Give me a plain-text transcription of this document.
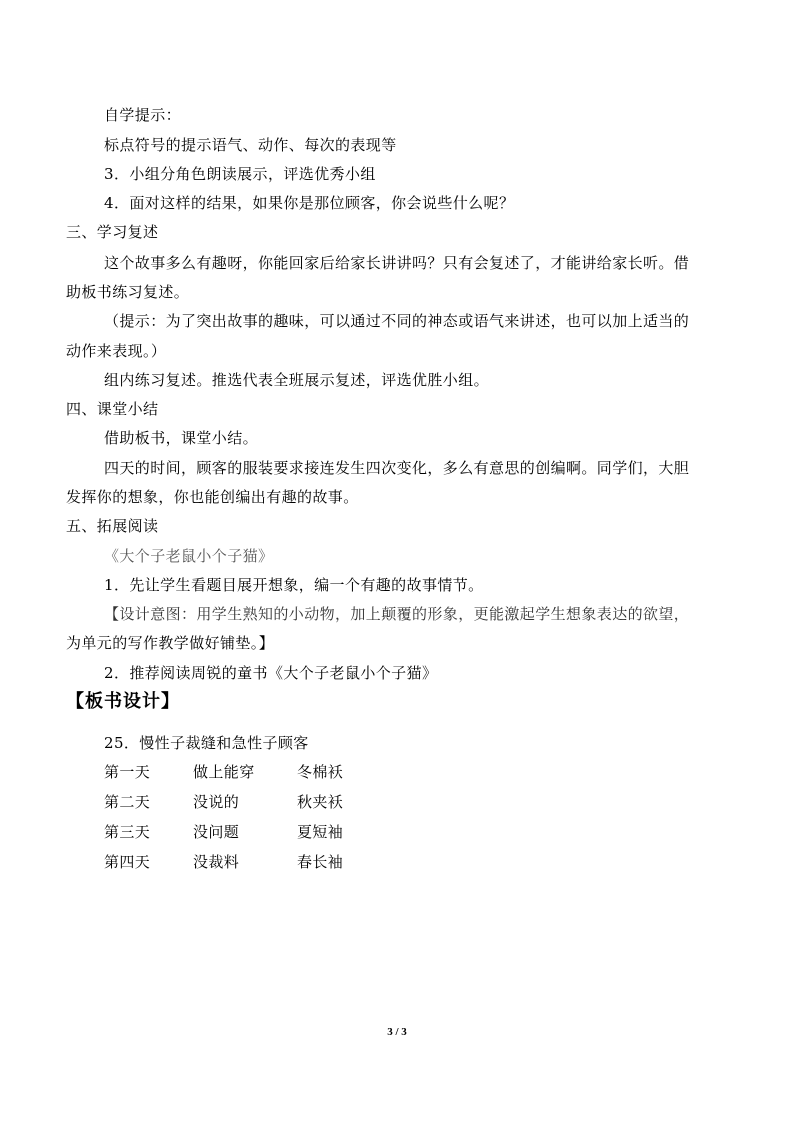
自学提示：
标点符号的提示语气、动作、每次的表现等
3．小组分角色朗读展示，评选优秀小组
4．面对这样的结果，如果你是那位顾客，你会说些什么呢？
三、学习复述
这个故事多么有趣呀，你能回家后给家长讲讲吗？只有会复述了，才能讲给家长听。借
助板书练习复述。
（提示：为了突出故事的趣味，可以通过不同的神态或语气来讲述，也可以加上适当的
动作来表现。）
组内练习复述。推选代表全班展示复述，评选优胜小组。
四、课堂小结
借助板书，课堂小结。
四天的时间，顾客的服装要求接连发生四次变化，多么有意思的创编啊。同学们，大胆
发挥你的想象，你也能创编出有趣的故事。
五、拓展阅读
《大个子老鼠小个子猫》
1．先让学生看题目展开想象，编一个有趣的故事情节。
【设计意图：用学生熟知的小动物，加上颠覆的形象，更能激起学生想象表达的欲望，
为单元的写作教学做好铺垫。】
2．推荐阅读周锐的童书《大个子老鼠小个子猫》
【板书设计】
25．慢性子裁缝和急性子顾客
第一天	做上能穿	冬棉袄
第二天	没说的	秋夹袄
第三天	没问题	夏短袖
第四天	没裁料	春长袖
3 / 3
